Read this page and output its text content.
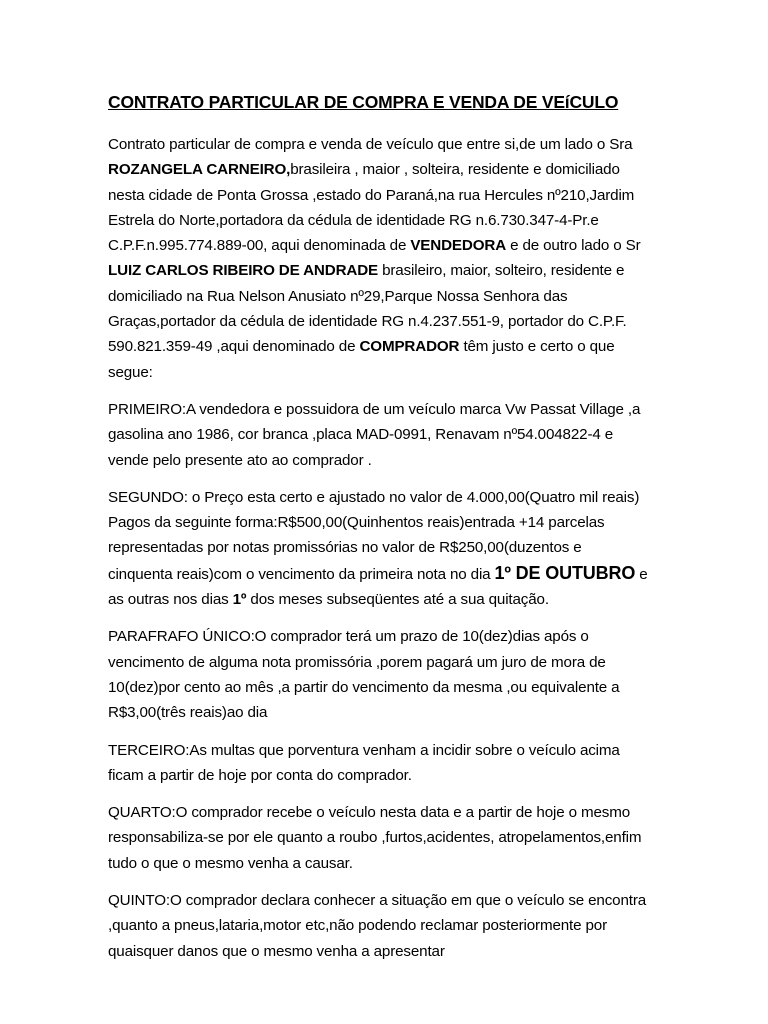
CONTRATO PARTICULAR DE COMPRA E VENDA DE VEíCULO

Contrato particular de compra e venda de veículo que entre si,de um lado o Sra ROZANGELA CARNEIRO,brasileira , maior , solteira, residente e domiciliado nesta cidade de Ponta Grossa ,estado do Paraná,na rua Hercules nº210,Jardim Estrela do Norte,portadora da cédula de identidade RG n.6.730.347-4-Pr.e C.P.F.n.995.774.889-00, aqui denominada de VENDEDORA e de outro lado o Sr LUIZ CARLOS RIBEIRO DE ANDRADE brasileiro, maior, solteiro, residente e domiciliado na Rua Nelson Anusiato nº29,Parque Nossa Senhora das Graças,portador da cédula de identidade RG n.4.237.551-9, portador do C.P.F. 590.821.359-49 ,aqui denominado de COMPRADOR têm justo e certo o que segue:

PRIMEIRO:A vendedora e possuidora de um veículo marca Vw Passat Village ,a gasolina ano 1986, cor branca ,placa MAD-0991, Renavam nº54.004822-4 e vende pelo presente ato ao comprador .

SEGUNDO: o Preço esta certo e ajustado no valor de 4.000,00(Quatro mil reais) Pagos da seguinte forma:R$500,00(Quinhentos reais)entrada +14 parcelas representadas por notas promissórias no valor de R$250,00(duzentos e cinquenta reais)com o vencimento da primeira nota no dia 1º DE OUTUBRO e as outras nos dias 1º dos meses subseqüentes até a sua quitação.

PARAFRAFO ÚNICO:O comprador terá um prazo de 10(dez)dias após o vencimento de alguma nota promissória ,porem pagará um juro de mora de 10(dez)por cento ao mês ,a partir do vencimento da mesma ,ou equivalente a R$3,00(três reais)ao dia

TERCEIRO:As multas que porventura venham a incidir sobre o veículo acima ficam a partir de hoje por conta do comprador.

QUARTO:O comprador recebe o veículo nesta data e a partir de hoje o mesmo responsabiliza-se por ele quanto a roubo ,furtos,acidentes, atropelamentos,enfim tudo o que o mesmo venha a causar.

QUINTO:O comprador declara conhecer a situação em que o veículo se encontra ,quanto a pneus,lataria,motor etc,não podendo reclamar posteriormente por quaisquer danos que o mesmo venha a apresentar
